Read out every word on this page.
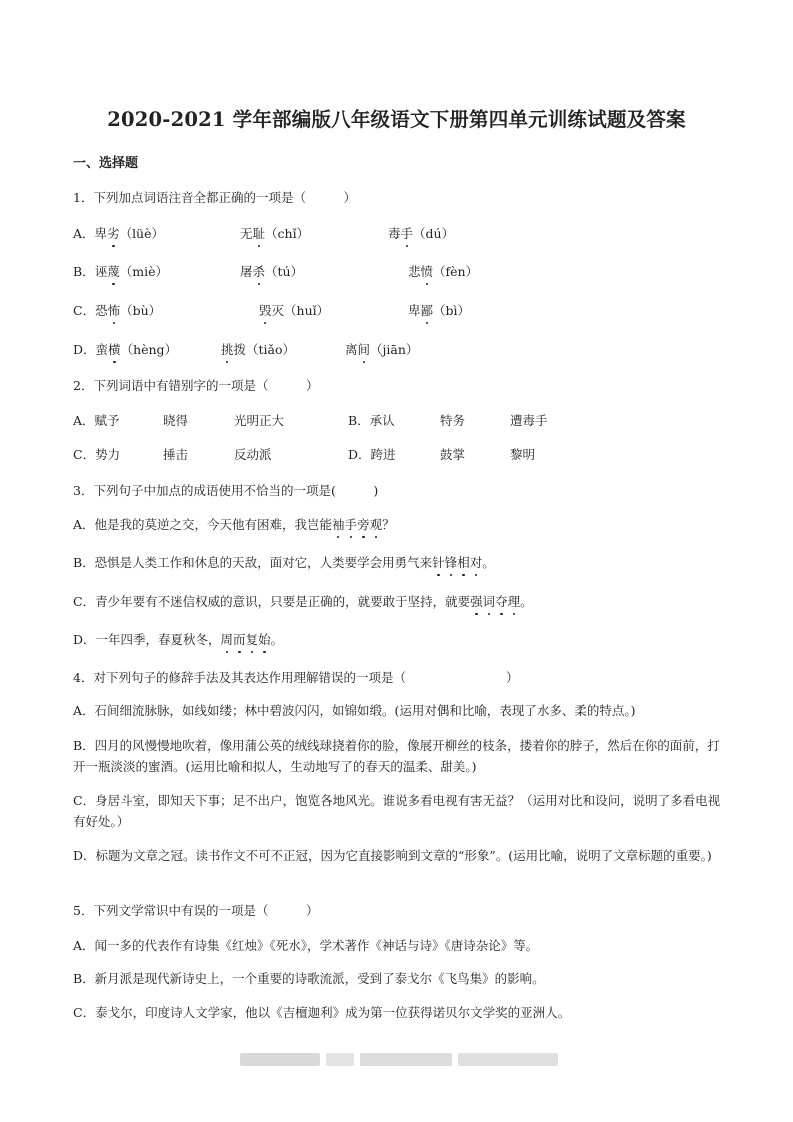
2020-2021 学年部编版八年级语文下册第四单元训练试题及答案
一、选择题
1．下列加点词语注音全都正确的一项是（　　　）
A．卑劣（lüè）	无耻（chǐ）	毒手（dú）
B．诬蔑（miè）	屠杀（tú）	悲愤（fèn）
C．恐怖（bù）	毁灭（huǐ）	卑鄙（bì）
D．蛮横（hèng）	挑拨（tiǎo）	离间（jiān）
2．下列词语中有错别字的一项是（　　　）
A．赋予	晓得	光明正大	B．承认	特务	遭毒手
C．势力	捶击	反动派	D．跨进	鼓掌	黎明
3．下列句子中加点的成语使用不恰当的一项是(　　　)
A．他是我的莫逆之交，今天他有困难，我岂能袖手旁观？
B．恐惧是人类工作和休息的天敌，面对它，人类要学会用勇气来针锋相对。
C．青少年要有不迷信权威的意识，只要是正确的，就要敢于坚持，就要强词夺理。
D．一年四季，春夏秋冬，周而复始。
4．对下列句子的修辞手法及其表达作用理解错误的一项是（　　　　　　　　）
A．石间细流脉脉，如线如缕；林中碧波闪闪，如锦如缎。(运用对偶和比喻，表现了水多、柔的特点。)
B．四月的风慢慢地吹着，像用蒲公英的绒线球挠着你的脸，像展开柳丝的枝条，搂着你的脖子，然后在你的面前，打开一瓶淡淡的蜜酒。(运用比喻和拟人，生动地写了的春天的温柔、甜美。)
C．身居斗室，即知天下事；足不出户，饱览各地风光。谁说多看电视有害无益？（运用对比和设问，说明了多看电视有好处。）
D．标题为文章之冠。读书作文不可不正冠，因为它直接影响到文章的“形象”。(运用比喻，说明了文章标题的重要。)
5．下列文学常识中有误的一项是（　　　）
A．闻一多的代表作有诗集《红烛》《死水》，学术著作《神话与诗》《唐诗杂论》等。
B．新月派是现代新诗史上，一个重要的诗歌流派，受到了泰戈尔《飞鸟集》的影响。
C．泰戈尔，印度诗人文学家，他以《吉檀迦利》成为第一位获得诺贝尔文学奖的亚洲人。
